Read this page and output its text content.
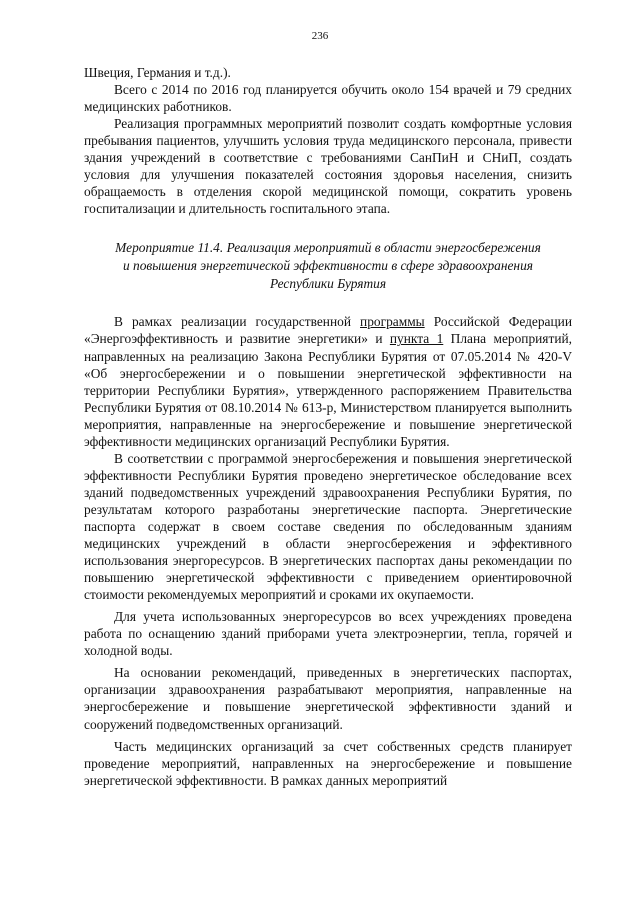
236

Швеция, Германия и т.д.).

Всего с 2014 по 2016 год планируется обучить около 154 врачей и 79 средних медицинских работников.

Реализация программных мероприятий позволит создать комфортные условия пребывания пациентов, улучшить условия труда медицинского персонала, привести здания учреждений в соответствие с требованиями СанПиН и СНиП, создать условия для улучшения показателей состояния здоровья населения, снизить обращаемость в отделения скорой медицинской помощи, сократить уровень госпитализации и длительность госпитального этапа.

Мероприятие 11.4. Реализация мероприятий в области энергосбережения и повышения энергетической эффективности в сфере здравоохранения Республики Бурятия

В рамках реализации государственной программы Российской Федерации «Энергоэффективность и развитие энергетики» и пункта 1 Плана мероприятий, направленных на реализацию Закона Республики Бурятия от 07.05.2014 № 420-V «Об энергосбережении и о повышении энергетической эффективности на территории Республики Бурятия», утвержденного распоряжением Правительства Республики Бурятия от 08.10.2014 № 613-р, Министерством планируется выполнить мероприятия, направленные на энергосбережение и повышение энергетической эффективности медицинских организаций Республики Бурятия.

В соответствии с программой энергосбережения и повышения энергетической эффективности Республики Бурятия проведено энергетическое обследование всех зданий подведомственных учреждений здравоохранения Республики Бурятия, по результатам которого разработаны энергетические паспорта. Энергетические паспорта содержат в своем составе сведения по обследованным зданиям медицинских учреждений в области энергосбережения и эффективного использования энергоресурсов. В энергетических паспортах даны рекомендации по повышению энергетической эффективности с приведением ориентировочной стоимости рекомендуемых мероприятий и сроками их окупаемости.

Для учета использованных энергоресурсов во всех учреждениях проведена работа по оснащению зданий приборами учета электроэнергии, тепла, горячей и холодной воды.

На основании рекомендаций, приведенных в энергетических паспортах, организации здравоохранения разрабатывают мероприятия, направленные на энергосбережение и повышение энергетической эффективности зданий и сооружений подведомственных организаций.

Часть медицинских организаций за счет собственных средств планирует проведение мероприятий, направленных на энергосбережение и повышение энергетической эффективности. В рамках данных мероприятий
